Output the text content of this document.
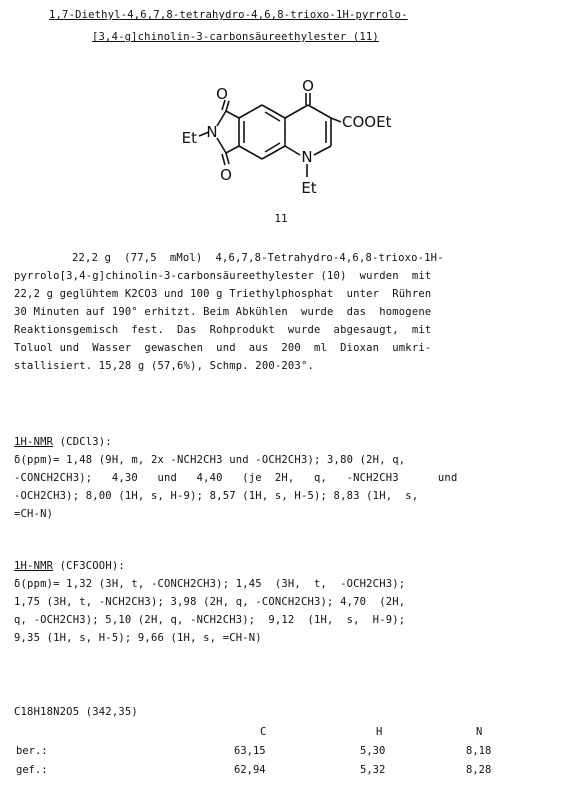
1,7-Diethyl-4,6,7,8-tetrahydro-4,6,8-trioxo-1H-pyrrolo-
[3,4-g]chinolin-3-carbonsäureethylester (11)
O	O
O
N
N
Et
Et
COOEt
11
22,2 g  (77,5  mMol)  4,6,7,8-Tetrahydro-4,6,8-trioxo-1H-
pyrrolo[3,4-g]chinolin-3-carbonsäureethylester (10)  wurden  mit
22,2 g geglühtem K2CO3 und 100 g Triethylphosphat  unter  Rühren
30 Minuten auf 190° erhitzt. Beim Abkühlen  wurde  das  homogene
Reaktionsgemisch  fest.  Das  Rohprodukt  wurde  abgesaugt,  mit
Toluol und  Wasser  gewaschen  und  aus  200  ml  Dioxan  umkri-
stallisiert. 15,28 g (57,6%), Schmp. 200-203°.
1H-NMR (CDCl3):
δ(ppm)= 1,48 (9H, m, 2x -NCH2CH3 und -OCH2CH3); 3,80 (2H, q,
-CONCH2CH3);   4,30   und   4,40   (je  2H,   q,   -NCH2CH3      und
-OCH2CH3); 8,00 (1H, s, H-9); 8,57 (1H, s, H-5); 8,83 (1H,  s,
=CH-N)
1H-NMR (CF3COOH):
δ(ppm)= 1,32 (3H, t, -CONCH2CH3); 1,45  (3H,  t,  -OCH2CH3);
1,75 (3H, t, -NCH2CH3); 3,98 (2H, q, -CONCH2CH3); 4,70  (2H,
q, -OCH2CH3); 5,10 (2H, q, -NCH2CH3);  9,12  (1H,  s,  H-9);
9,35 (1H, s, H-5); 9,66 (1H, s, =CH-N)
C18H18N2O5 (342,35)
	C	H	N
ber.:	63,15	5,30	8,18
gef.:	62,94	5,32	8,28
